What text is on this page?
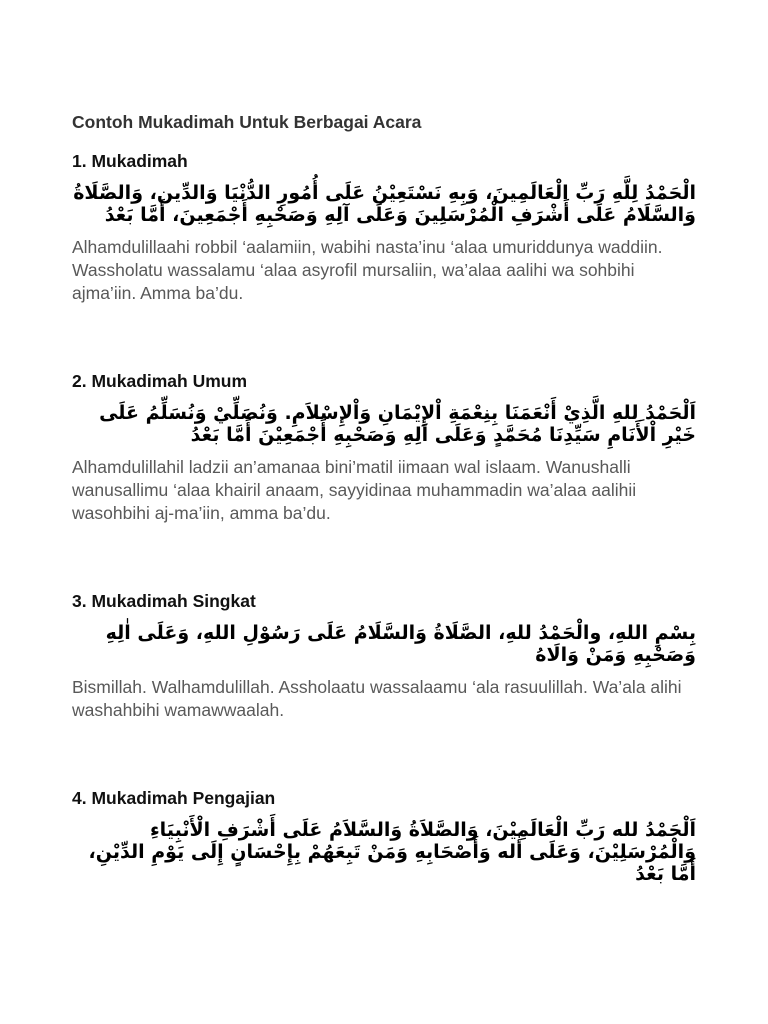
Contoh Mukadimah Untuk Berbagai Acara

1. Mukadimah

الْحَمْدُ لِلَّهِ رَبِّ الْعَالَمِينَ، وَبِهِ نَسْتَعِيْنُ عَلَى أُمُورِ الدُّنْيَا وَالدِّين، وَالصَّلَاةُ وَالسَّلَامُ عَلَى أَشْرَفِ الْمُرْسَلِينَ وَعَلَى آلِهِ وَصَحْبِهِ أَجْمَعِينَ، أَمَّا بَعْدُ

Alhamdulillaahi robbil ‘aalamiin, wabihi nasta’inu ‘alaa umuriddunya waddiin. Wassholatu wassalamu ‘alaa asyrofil mursaliin, wa’alaa aalihi wa sohbihi ajma’iin. Amma ba’du.

2. Mukadimah Umum

اَلْحَمْدُ ِللهِ الَّذِيْ أَنْعَمَنَا بِنِعْمَةِ اْلإِيْمَانِ وَاْلإِسْلاَمِ. وَنُصَلِّيْ وَنُسَلِّمُ عَلَى خَيْرِ اْلأَنَامِ سَيِّدِنَا مُحَمَّدٍ وَعَلَى اَلِهِ وَصَحْبِهِ أَجْمَعِيْنَ أَمَّا بَعْدُ

Alhamdulillahil ladzii an’amanaa bini’matil iimaan wal islaam. Wanushalli wanusallimu ‘alaa khairil anaam, sayyidinaa muhammadin wa’alaa aalihii wasohbihi aj-ma’iin, amma ba’du.

3. Mukadimah Singkat

بِسْمِ اللهِ، والْحَمْدُ للهِ، الصَّلَاةُ وَالسَّلَامُ عَلَى رَسُوْلِ اللهِ، وَعَلَى اٰلِهِ وَصَحْبِهِ وَمَنْ وَالَاهُ

Bismillah. Walhamdulillah. Assholaatu wassalaamu ‘ala rasuulillah. Wa’ala alihi washahbihi wamawwaalah.

4. Mukadimah Pengajian

اَلْحَمْدُ لله رَبِّ الْعَالَمِيْنَ، وَالصَّلاَةُ وَالسَّلاَمُ عَلَى أَشْرَفِ الْأَنْبِيَاءِ وَالْمُرْسَلِيْنَ، وَعَلَى أٰله وَأَصْحَابِهِ وَمَنْ تَبِعَهُمْ بِإِحْسَانٍ إِلَى يَوْمِ الدِّيْنِ، أَمَّا بَعْدُ
